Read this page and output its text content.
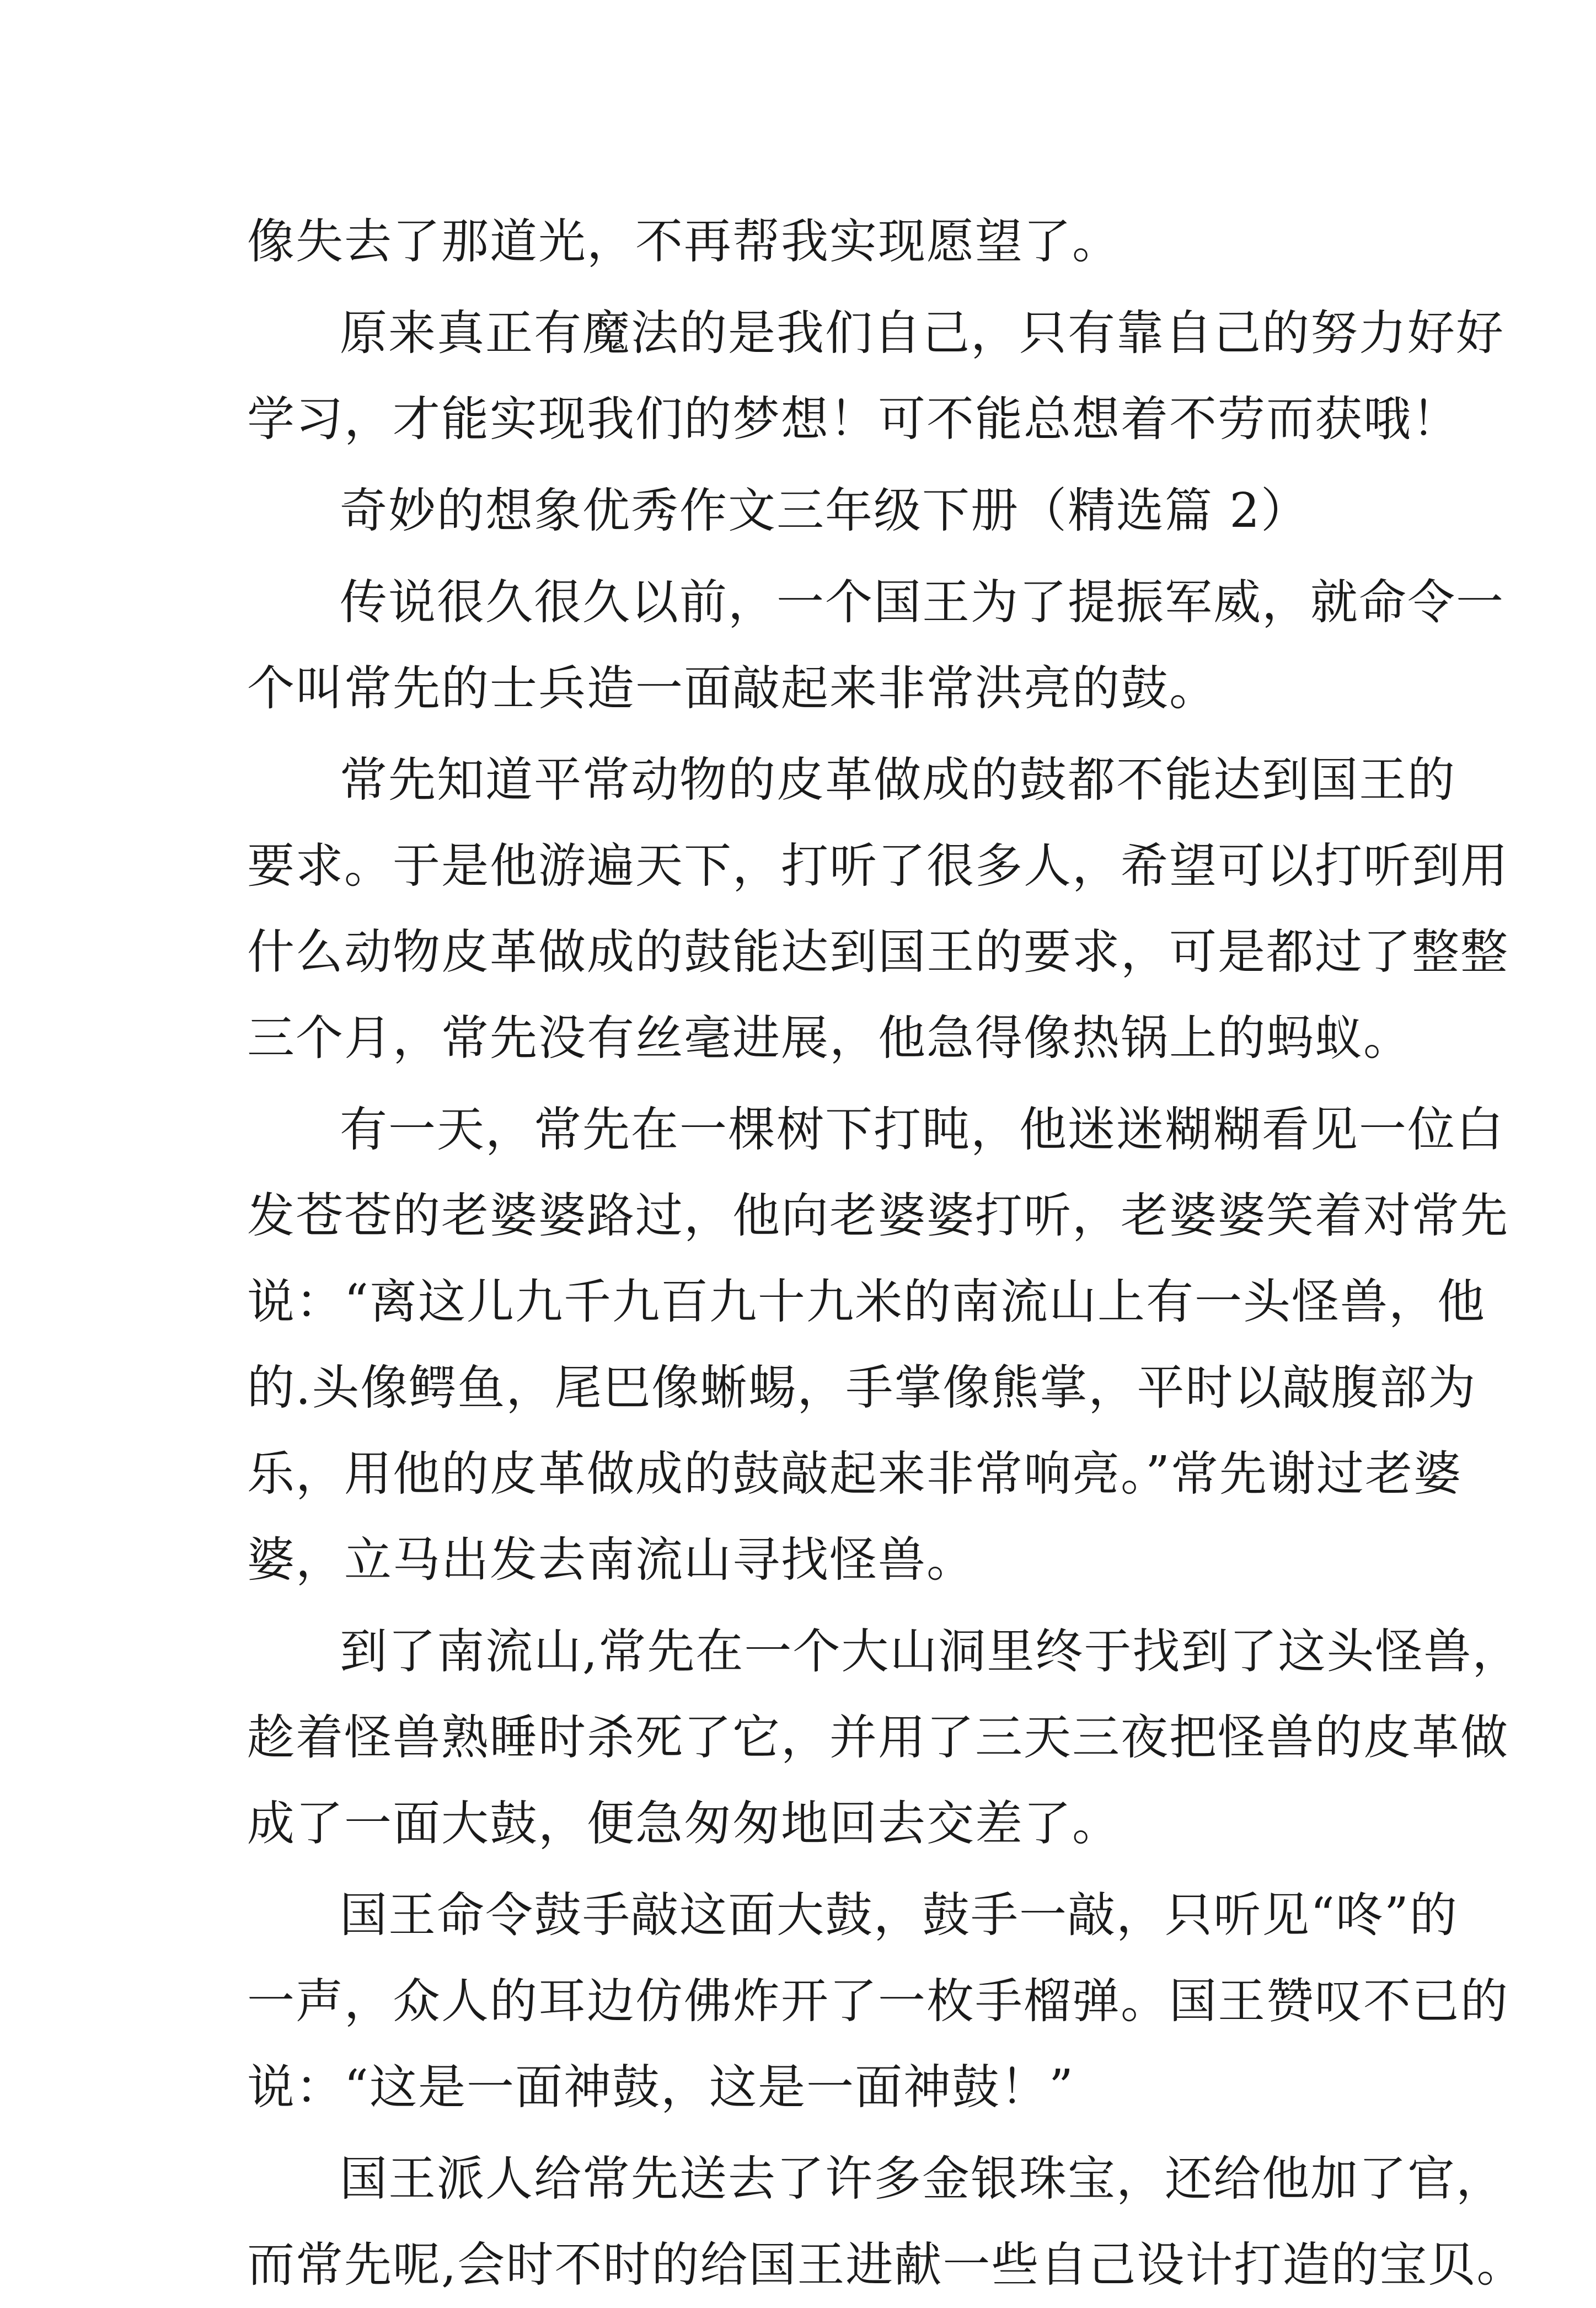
像失去了那道光，不再帮我实现愿望了。
原来真正有魔法的是我们自己，只有靠自己的努力好好
学习，才能实现我们的梦想！可不能总想着不劳而获哦！
奇妙的想象优秀作文三年级下册（精选篇 2）
传说很久很久以前，一个国王为了提振军威，就命令一
个叫常先的士兵造一面敲起来非常洪亮的鼓。
常先知道平常动物的皮革做成的鼓都不能达到国王的
要求。于是他游遍天下，打听了很多人，希望可以打听到用
什么动物皮革做成的鼓能达到国王的要求，可是都过了整整
三个月，常先没有丝毫进展，他急得像热锅上的蚂蚁。
有一天，常先在一棵树下打盹，他迷迷糊糊看见一位白
发苍苍的老婆婆路过，他向老婆婆打听，老婆婆笑着对常先
说：“离这儿九千九百九十九米的南流山上有一头怪兽，他
的.头像鳄鱼，尾巴像蜥蜴，手掌像熊掌，平时以敲腹部为
乐，用他的皮革做成的鼓敲起来非常响亮。”常先谢过老婆
婆，立马出发去南流山寻找怪兽。
到了南流山,常先在一个大山洞里终于找到了这头怪兽，
趁着怪兽熟睡时杀死了它，并用了三天三夜把怪兽的皮革做
成了一面大鼓，便急匆匆地回去交差了。
国王命令鼓手敲这面大鼓，鼓手一敲，只听见“咚”的
一声，众人的耳边仿佛炸开了一枚手榴弹。国王赞叹不已的
说：“这是一面神鼓，这是一面神鼓！”
国王派人给常先送去了许多金银珠宝，还给他加了官，
而常先呢,会时不时的给国王进献一些自己设计打造的宝贝。
